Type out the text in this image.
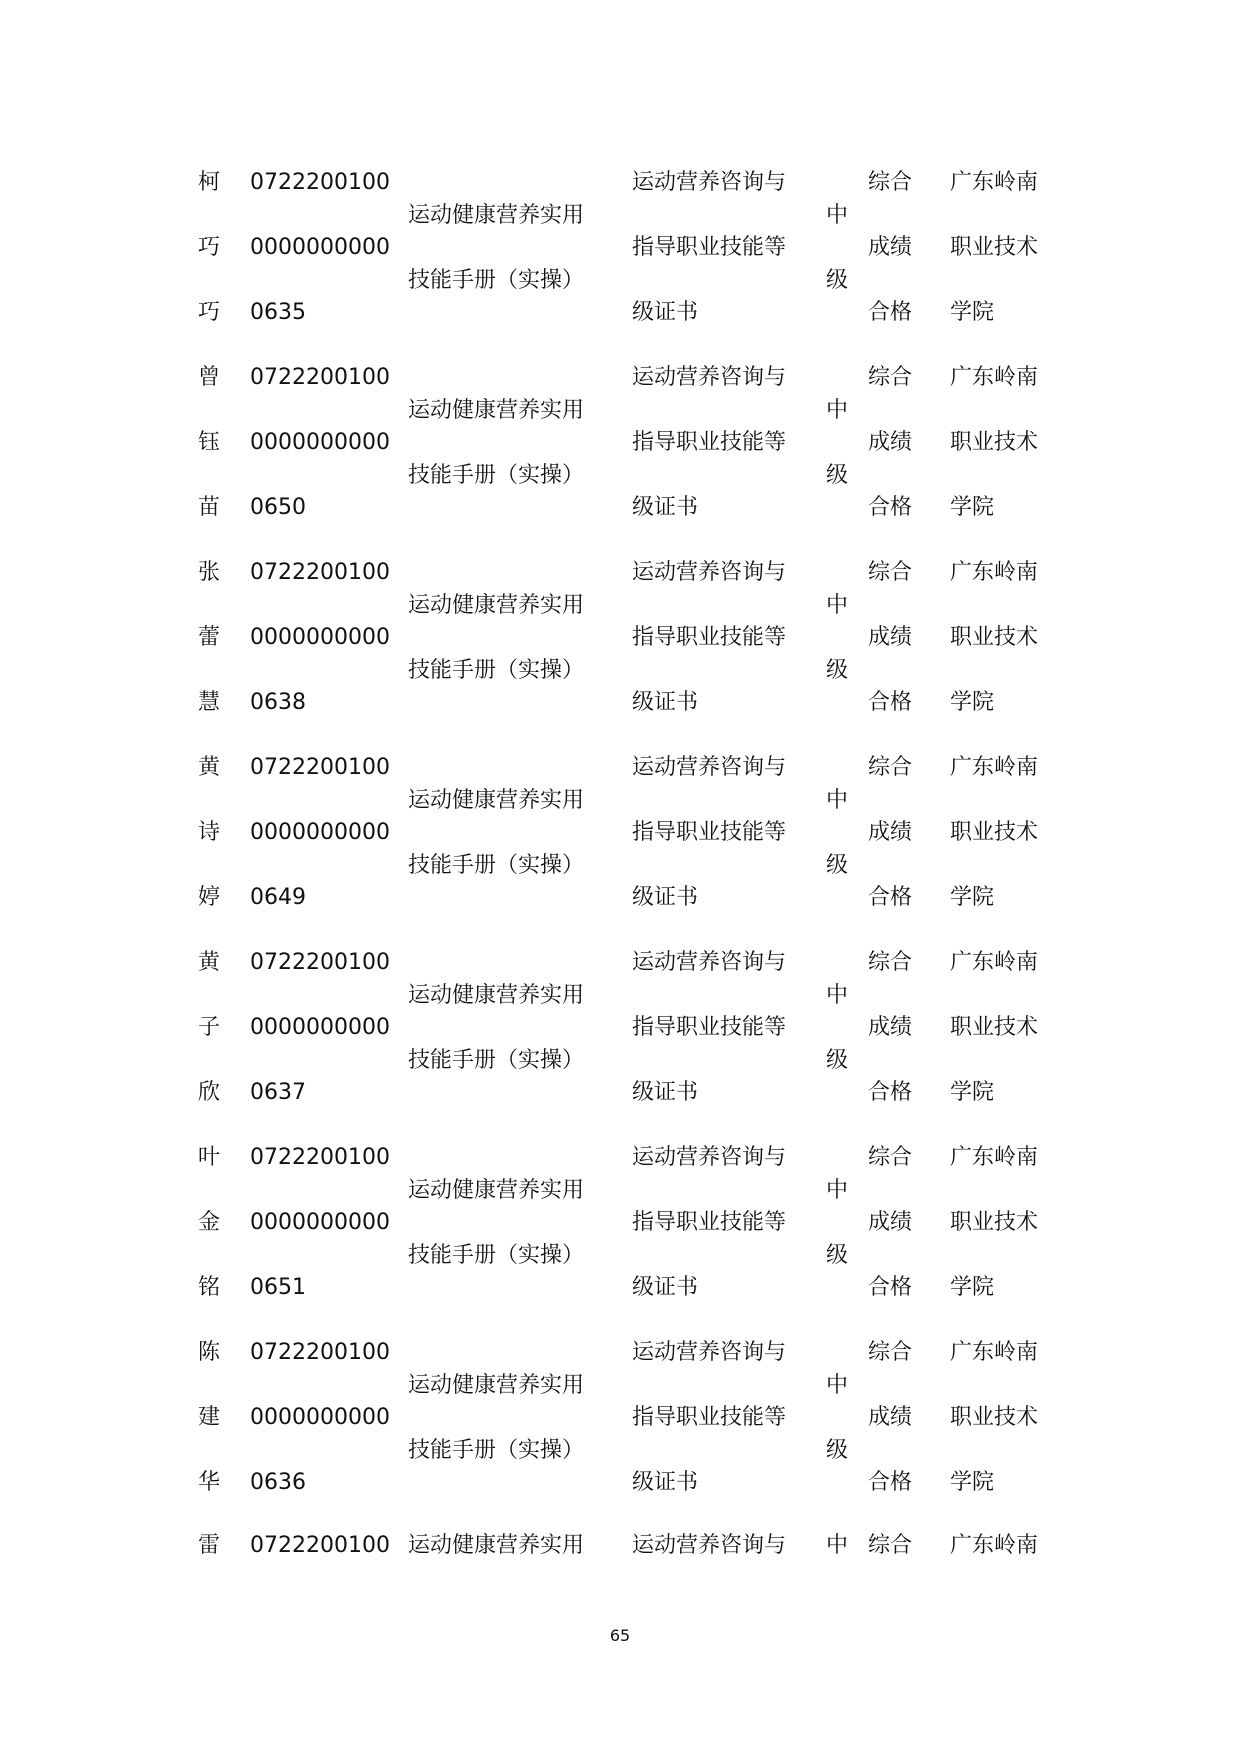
柯
巧
巧
0722200100
0000000000
0635
运动健康营养实用
技能手册（实操）
运动营养咨询与
指导职业技能等
级证书
中
级
综合
成绩
合格
广东岭南
职业技术
学院
曾
钰
苗
0722200100
0000000000
0650
运动健康营养实用
技能手册（实操）
运动营养咨询与
指导职业技能等
级证书
中
级
综合
成绩
合格
广东岭南
职业技术
学院
张
蕾
慧
0722200100
0000000000
0638
运动健康营养实用
技能手册（实操）
运动营养咨询与
指导职业技能等
级证书
中
级
综合
成绩
合格
广东岭南
职业技术
学院
黄
诗
婷
0722200100
0000000000
0649
运动健康营养实用
技能手册（实操）
运动营养咨询与
指导职业技能等
级证书
中
级
综合
成绩
合格
广东岭南
职业技术
学院
黄
子
欣
0722200100
0000000000
0637
运动健康营养实用
技能手册（实操）
运动营养咨询与
指导职业技能等
级证书
中
级
综合
成绩
合格
广东岭南
职业技术
学院
叶
金
铭
0722200100
0000000000
0651
运动健康营养实用
技能手册（实操）
运动营养咨询与
指导职业技能等
级证书
中
级
综合
成绩
合格
广东岭南
职业技术
学院
陈
建
华
0722200100
0000000000
0636
运动健康营养实用
技能手册（实操）
运动营养咨询与
指导职业技能等
级证书
中
级
综合
成绩
合格
广东岭南
职业技术
学院
雷 0722200100 运动健康营养实用 运动营养咨询与 中 综合 广东岭南
65
